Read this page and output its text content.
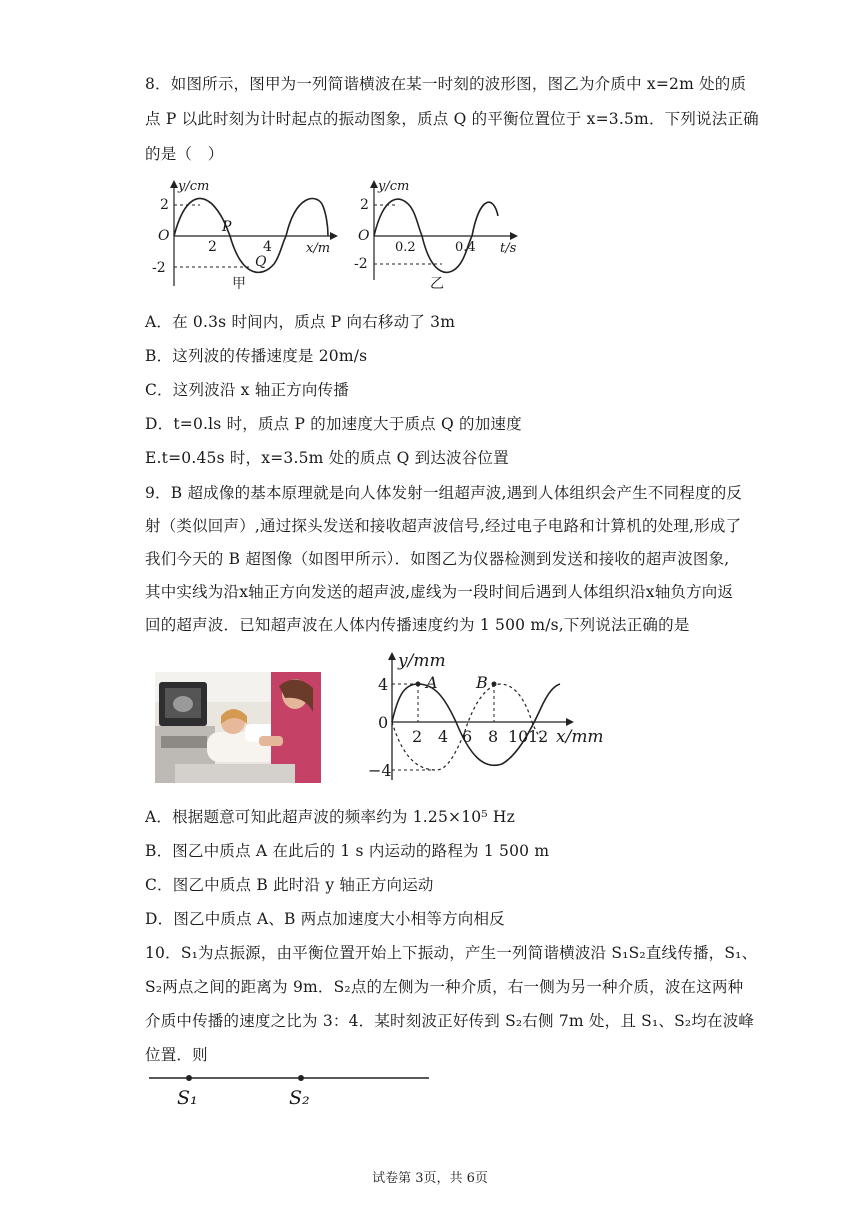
8．如图所示，图甲为一列简谐横波在某一时刻的波形图，图乙为介质中 x=2m 处的质
点 P 以此时刻为计时起点的振动图象，质点 Q 的平衡位置位于 x=3.5m．下列说法正确
的是（　）
y/cm
x/m
O
2
-2
2	4
P
Q
甲
y/cm
t/s
O
2
-2
0.2	0.4
乙
A．在 0.3s 时间内，质点 P 向右移动了 3m
B．这列波的传播速度是 20m/s
C．这列波沿 x 轴正方向传播
D．t=0.ls 时，质点 P 的加速度大于质点 Q 的加速度
E.t=0.45s 时，x=3.5m 处的质点 Q 到达波谷位置
9．B 超成像的基本原理就是向人体发射一组超声波,遇到人体组织会产生不同程度的反
射（类似回声）,通过探头发送和接收超声波信号,经过电子电路和计算机的处理,形成了
我们今天的 B 超图像（如图甲所示）．如图乙为仪器检测到发送和接收的超声波图象,
其中实线为沿x轴正方向发送的超声波,虚线为一段时间后遇到人体组织沿x轴负方向返
回的超声波．已知超声波在人体内传播速度约为 1 500 m/s,下列说法正确的是
y/mm
x/mm
4
0
−4
2 4 6 8 10 12
A B
A．根据题意可知此超声波的频率约为 1.25×10⁵ Hz
B．图乙中质点 A 在此后的 1 s 内运动的路程为 1 500 m
C．图乙中质点 B 此时沿 y 轴正方向运动
D．图乙中质点 A、B 两点加速度大小相等方向相反
10．S₁为点振源，由平衡位置开始上下振动，产生一列简谐横波沿 S₁S₂直线传播，S₁、
S₂两点之间的距离为 9m．S₂点的左侧为一种介质，右一侧为另一种介质，波在这两种
介质中传播的速度之比为 3：4．某时刻波正好传到 S₂右侧 7m 处，且 S₁、S₂均在波峰
位置．则
S₁	S₂
试卷第 3页，共 6页
